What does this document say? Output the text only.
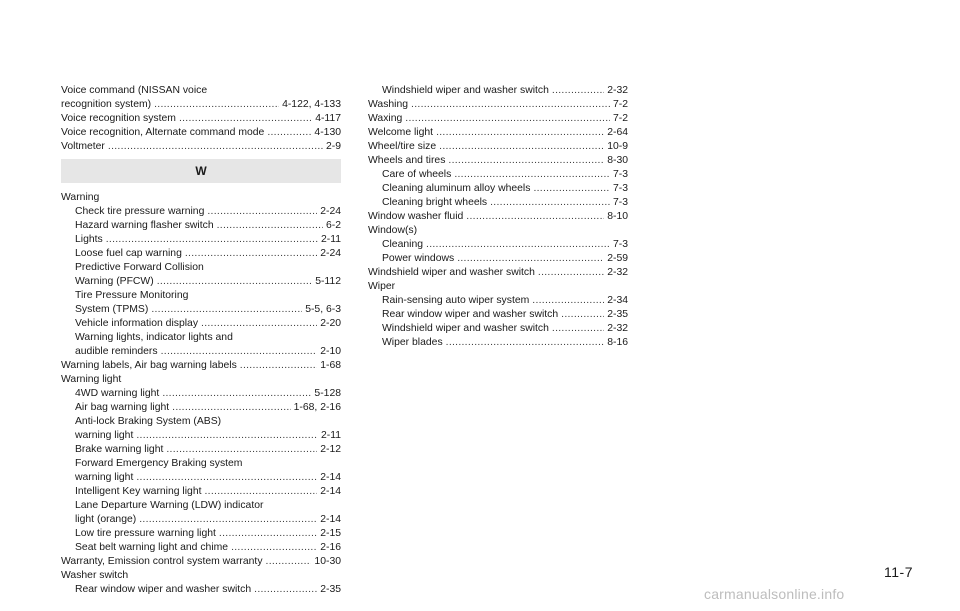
Voice command (NISSAN voice
recognition system) . . .	4-122, 4-133
Voice recognition system . . .	4-117
Voice recognition, Alternate command mode . . .	4-130
Voltmeter . . .	2-9
W
Warning
Check tire pressure warning . . .	2-24
Hazard warning flasher switch . . .	6-2
Lights . . .	2-11
Loose fuel cap warning . . .	2-24
Predictive Forward Collision
Warning (PFCW) . . .	5-112
Tire Pressure Monitoring
System (TPMS) . . .	5-5, 6-3
Vehicle information display . . .	2-20
Warning lights, indicator lights and
audible reminders . . .	2-10
Warning labels, Air bag warning labels . . .	1-68
Warning light
4WD warning light . . .	5-128
Air bag warning light . . .	1-68, 2-16
Anti-lock Braking System (ABS)
warning light . . .	2-11
Brake warning light . . .	2-12
Forward Emergency Braking system
warning light . . .	2-14
Intelligent Key warning light . . .	2-14
Lane Departure Warning (LDW) indicator
light (orange) . . .	2-14
Low tire pressure warning light . . .	2-15
Seat belt warning light and chime . . .	2-16
Warranty, Emission control system warranty . . .	10-30
Washer switch
Rear window wiper and washer switch . . .	2-35
Windshield wiper and washer switch . . .	2-32
Washing . . .	7-2
Waxing . . .	7-2
Welcome light . . .	2-64
Wheel/tire size . . .	10-9
Wheels and tires . . .	8-30
Care of wheels . . .	7-3
Cleaning aluminum alloy wheels . . .	7-3
Cleaning bright wheels . . .	7-3
Window washer fluid . . .	8-10
Window(s)
Cleaning . . .	7-3
Power windows . . .	2-59
Windshield wiper and washer switch . . .	2-32
Wiper
Rain-sensing auto wiper system . . .	2-34
Rear window wiper and washer switch . . .	2-35
Windshield wiper and washer switch . . .	2-32
Wiper blades . . .	8-16
11-7
carmanualsonline.info
